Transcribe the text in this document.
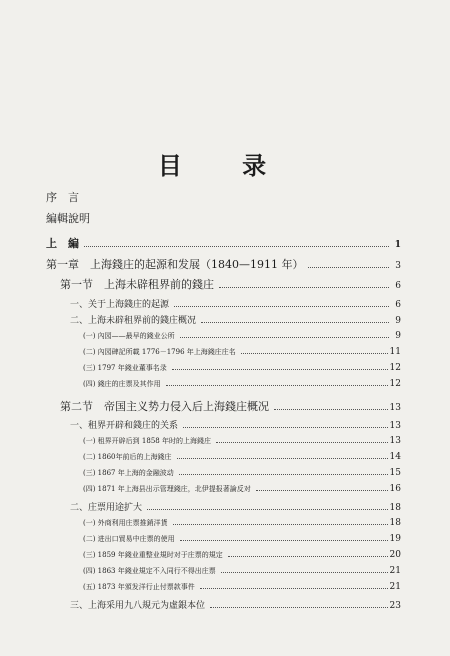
目 录
序　言
編輯說明
上　編	1
第一章　上海錢庄的起源和发展（1840—1911 年）	3
第一节　上海未辟租界前的錢庄	6
一、关于上海錢庄的起源	6
二、上海未辟租界前的錢庄概况	9
(一) 內园——最早的錢业公所	9
(二) 內园碑記所載 1776－1796 年上海錢庄庄名	11
(三) 1797 年錢业董事名录	12
(四) 錢庄的庄票及其作用	12
第二节　帝国主义势力侵入后上海錢庄概况	13
一、租界开辟和錢庄的关系	13
(一) 租界开辟后到 1858 年时的上海錢庄	13
(二) 1860年前后的上海錢庄	14
(三) 1867 年上海的金融波动	15
(四) 1871 年上海县出示管理錢庄，北伊提报著論反对	16
二、庄票用途扩大	18
(一) 外商利用庄票推銷洋貨	18
(二) 进出口貿易中庄票的使用	19
(三) 1859 年錢业重整业規时对于庄票的規定	20
(四) 1863 年錢业規定不入同行不得出庄票	21
(五) 1873 年頒发洋行止付票款事件	21
三、上海采用九八規元为虛銀本位	23
